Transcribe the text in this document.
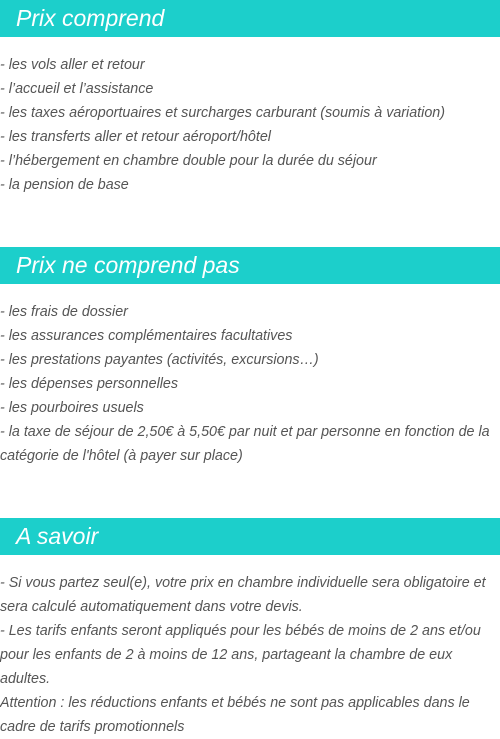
Prix comprend

- les vols aller et retour

- l’accueil et l’assistance

- les taxes aéroportuaires et surcharges carburant (soumis à variation)

- les transferts aller et retour aéroport/hôtel

- l’hébergement en chambre double pour la durée du séjour

- la pension de base

Prix ne comprend pas

- les frais de dossier

- les assurances complémentaires facultatives

- les prestations payantes (activités, excursions…)

- les dépenses personnelles

- les pourboires usuels

- la taxe de séjour de 2,50€ à 5,50€ par nuit et par personne en fonction de la catégorie de l'hôtel (à payer sur place)

A savoir

- Si vous partez seul(e), votre prix en chambre individuelle sera obligatoire et sera calculé automatiquement dans votre devis.

- Les tarifs enfants seront appliqués pour les bébés de moins de 2 ans et/ou pour les enfants de 2 à moins de 12 ans, partageant la chambre de eux adultes.

Attention : les réductions enfants et bébés ne sont pas applicables dans le cadre de tarifs promotionnels
